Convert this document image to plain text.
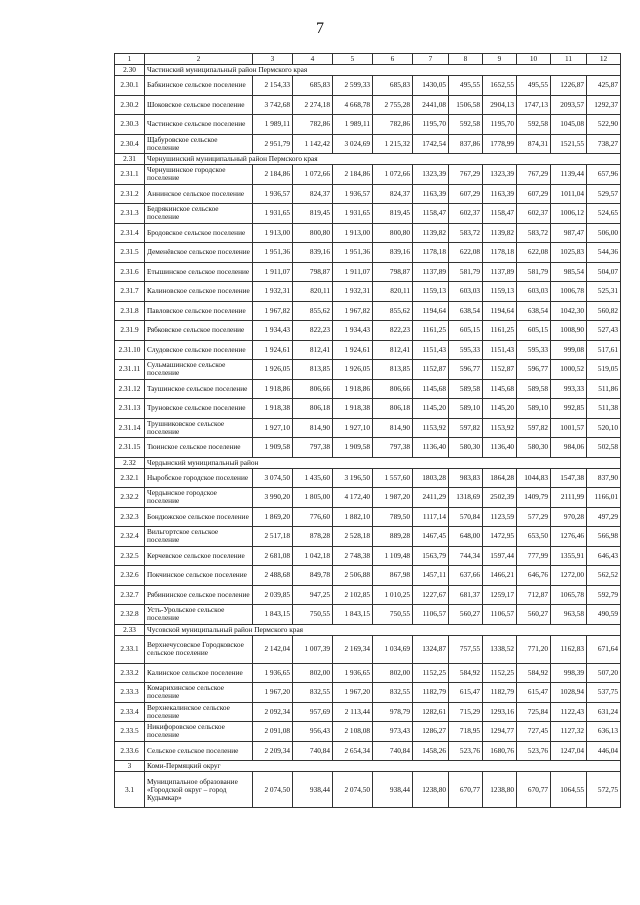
7
1	2	3	4	5	6	7	8	9	10	11	12
2.30	Частинский муниципальный район Пермского края										
2.30.1	Бабкинское сельское поселение	2 154,33	685,83	2 599,33	685,83	1430,05	495,55	1652,55	495,55	1226,87	425,87
2.30.2	Шоковское сельское поселение	3 742,68	2 274,18	4 668,78	2 755,28	2441,08	1506,58	2904,13	1747,13	2093,57	1292,37
2.30.3	Частинское сельское поселение	1 989,11	782,86	1 989,11	782,86	1195,70	592,58	1195,70	592,58	1045,08	522,90
2.30.4	Щабуровское сельское поселение	2 951,79	1 142,42	3 024,69	1 215,32	1742,54	837,86	1778,99	874,31	1521,55	738,27
2.31	Чернушинский муниципальный район Пермского края										
2.31.1	Чернушинское городское поселение	2 184,86	1 072,66	2 184,86	1 072,66	1323,39	767,29	1323,39	767,29	1139,44	657,96
2.31.2	Аннинское сельское поселение	1 936,57	824,37	1 936,57	824,37	1163,39	607,29	1163,39	607,29	1011,04	529,57
2.31.3	Бедрякинское сельское поселение	1 931,65	819,45	1 931,65	819,45	1158,47	602,37	1158,47	602,37	1006,12	524,65
2.31.4	Бродовское сельское поселение	1 913,00	800,80	1 913,00	800,80	1139,82	583,72	1139,82	583,72	987,47	506,00
2.31.5	Деменёвское сельское поселение	1 951,36	839,16	1 951,36	839,16	1178,18	622,08	1178,18	622,08	1025,83	544,36
2.31.6	Етышинское сельское поселение	1 911,07	798,87	1 911,07	798,87	1137,89	581,79	1137,89	581,79	985,54	504,07
2.31.7	Калиновское сельское поселение	1 932,31	820,11	1 932,31	820,11	1159,13	603,03	1159,13	603,03	1006,78	525,31
2.31.8	Павловское сельское поселение	1 967,82	855,62	1 967,82	855,62	1194,64	638,54	1194,64	638,54	1042,30	560,82
2.31.9	Рябковское сельское поселение	1 934,43	822,23	1 934,43	822,23	1161,25	605,15	1161,25	605,15	1008,90	527,43
2.31.10	Слудовское сельское поселение	1 924,61	812,41	1 924,61	812,41	1151,43	595,33	1151,43	595,33	999,08	517,61
2.31.11	Сульмашинское сельское поселение	1 926,05	813,85	1 926,05	813,85	1152,87	596,77	1152,87	596,77	1000,52	519,05
2.31.12	Таушинское сельское поселение	1 918,86	806,66	1 918,86	806,66	1145,68	589,58	1145,68	589,58	993,33	511,86
2.31.13	Труновское сельское поселение	1 918,38	806,18	1 918,38	806,18	1145,20	589,10	1145,20	589,10	992,85	511,38
2.31.14	Трушниковское сельское поселение	1 927,10	814,90	1 927,10	814,90	1153,92	597,82	1153,92	597,82	1001,57	520,10
2.31.15	Тюинское сельское поселение	1 909,58	797,38	1 909,58	797,38	1136,40	580,30	1136,40	580,30	984,06	502,58
2.32	Чердынский муниципальный район										
2.32.1	Ныробское городское поселение	3 074,50	1 435,60	3 196,50	1 557,60	1803,28	983,83	1864,28	1044,83	1547,38	837,90
2.32.2	Чердынское городское поселение	3 990,20	1 805,00	4 172,40	1 987,20	2411,29	1318,69	2502,39	1409,79	2111,99	1166,01
2.32.3	Бондюжское сельское поселение	1 869,20	776,60	1 882,10	789,50	1117,14	570,84	1123,59	577,29	970,28	497,29
2.32.4	Вильгортское сельское поселение	2 517,18	878,28	2 528,18	889,28	1467,45	648,00	1472,95	653,50	1276,46	566,98
2.32.5	Керчевское сельское поселение	2 681,08	1 042,18	2 748,38	1 109,48	1563,79	744,34	1597,44	777,99	1355,91	646,43
2.32.6	Покчинское сельское поселение	2 488,68	849,78	2 506,88	867,98	1457,11	637,66	1466,21	646,76	1272,00	562,52
2.32.7	Рябининское сельское поселение	2 039,85	947,25	2 102,85	1 010,25	1227,67	681,37	1259,17	712,87	1065,78	592,79
2.32.8	Усть-Урольское сельское поселение	1 843,15	750,55	1 843,15	750,55	1106,57	560,27	1106,57	560,27	963,58	490,59
2.33	Чусовской муниципальный район Пермского края										
2.33.1	Верхнечусовское Городковское сельское поселение	2 142,04	1 007,39	2 169,34	1 034,69	1324,87	757,55	1338,52	771,20	1162,83	671,64
2.33.2	Калинское сельское поселение	1 936,65	802,00	1 936,65	802,00	1152,25	584,92	1152,25	584,92	998,39	507,20
2.33.3	Комарихинское сельское поселение	1 967,20	832,55	1 967,20	832,55	1182,79	615,47	1182,79	615,47	1028,94	537,75
2.33.4	Верхнекалинское сельское поселение	2 092,34	957,69	2 113,44	978,79	1282,61	715,29	1293,16	725,84	1122,43	631,24
2.33.5	Никифоровское сельское поселение	2 091,08	956,43	2 108,08	973,43	1286,27	718,95	1294,77	727,45	1127,32	636,13
2.33.6	Сельское сельское поселение	2 209,34	740,84	2 654,34	740,84	1458,26	523,76	1680,76	523,76	1247,04	446,04
3	Коми-Пермяцкий округ										
3.1	Муниципальное образование «Городской округ – город Кудымкар»	2 074,50	938,44	2 074,50	938,44	1238,80	670,77	1238,80	670,77	1064,55	572,75
